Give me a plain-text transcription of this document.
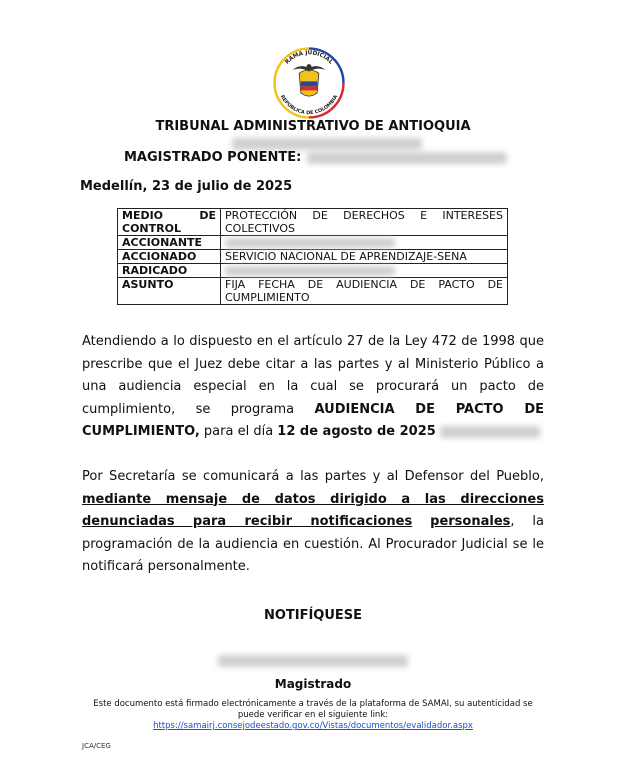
RAMA JUDICIAL
REPÚBLICA DE COLOMBIA
TRIBUNAL ADMINISTRATIVO DE ANTIOQUIA
MAGISTRADO PONENTE:
Medellín, 23 de julio de 2025
MEDIO DE CONTROL	PROTECCIÓN DE DERECHOS E INTERESES COLECTIVOS
ACCIONANTE	
ACCIONADO	SERVICIO NACIONAL DE APRENDIZAJE-SENA
RADICADO	
ASUNTO	FIJA FECHA DE AUDIENCIA DE PACTO DE CUMPLIMIENTO
Atendiendo a lo dispuesto en el artículo 27 de la Ley 472 de 1998 que prescribe que el Juez debe citar a las partes y al Ministerio Público a una audiencia especial en la cual se procurará un pacto de cumplimiento, se programa AUDIENCIA DE PACTO DE CUMPLIMIENTO, para el día 12 de agosto de 2025
Por Secretaría se comunicará a las partes y al Defensor del Pueblo, mediante mensaje de datos dirigido a las direcciones denunciadas para recibir notificaciones personales, la programación de la audiencia en cuestión. Al Procurador Judicial se le notificará personalmente.
NOTIFÍQUESE
Magistrado
Este documento está firmado electrónicamente a través de la plataforma de SAMAI, su autenticidad se puede verificar en el siguiente link:
https://samairj.consejodeestado.gov.co/Vistas/documentos/evalidador.aspx
JCA/CEG
